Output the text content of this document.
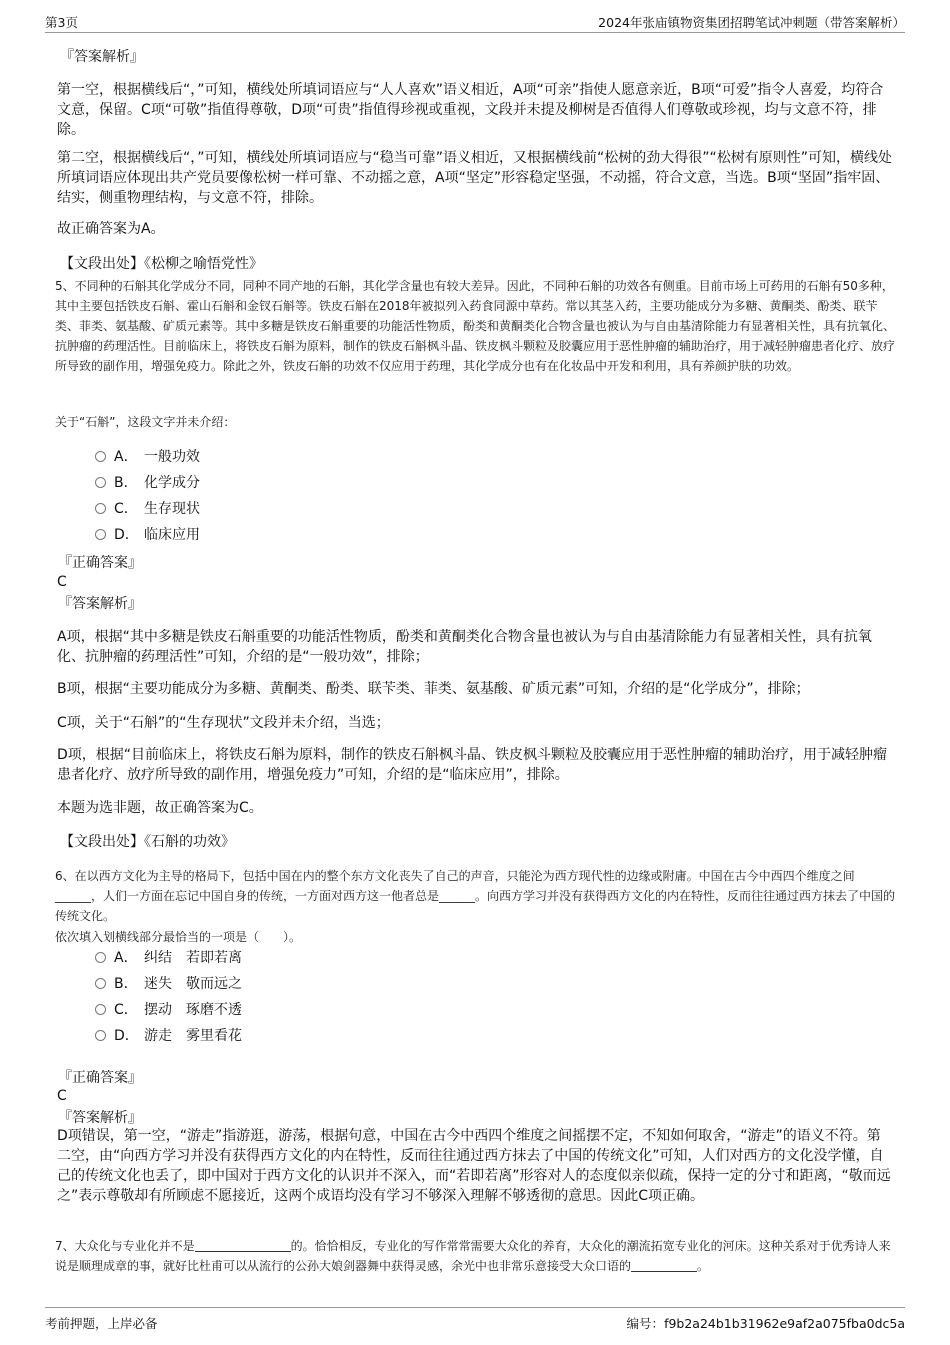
第3页	2024年张庙镇物资集团招聘笔试冲刺题（带答案解析）
『答案解析』
第一空，根据横线后“，”可知，横线处所填词语应与“人人喜欢”语义相近，A项“可亲”指使人愿意亲近，B项“可爱”指令人喜爱，均符合文意，保留。C项“可敬”指值得尊敬，D项“可贵”指值得珍视或重视，文段并未提及柳树是否值得人们尊敬或珍视，均与文意不符，排除。
第二空，根据横线后“，”可知，横线处所填词语应与“稳当可靠”语义相近，又根据横线前“松树的劲大得很”“松树有原则性”可知，横线处所填词语应体现出共产党员要像松树一样可靠、不动摇之意，A项“坚定”形容稳定坚强，不动摇，符合文意，当选。B项“坚固”指牢固、结实，侧重物理结构，与文意不符，排除。
故正确答案为A。
【文段出处】《松柳之喻悟党性》
5、不同种的石斛其化学成分不同，同种不同产地的石斛，其化学含量也有较大差异。因此，不同种石斛的功效各有侧重。目前市场上可药用的石斛有50多种，其中主要包括铁皮石斛、霍山石斛和金钗石斛等。铁皮石斛在2018年被拟列入药食同源中草药。常以其茎入药，主要功能成分为多糖、黄酮类、酚类、联苄类、菲类、氨基酸、矿质元素等。其中多糖是铁皮石斛重要的功能活性物质，酚类和黄酮类化合物含量也被认为与自由基清除能力有显著相关性，具有抗氧化、抗肿瘤的药理活性。目前临床上，将铁皮石斛为原料，制作的铁皮石斛枫斗晶、铁皮枫斗颗粒及胶囊应用于恶性肿瘤的辅助治疗，用于减轻肿瘤患者化疗、放疗所导致的副作用，增强免疫力。除此之外，铁皮石斛的功效不仅应用于药理，其化学成分也有在化妆品中开发和利用，具有养颜护肤的功效。
关于“石斛”，这段文字并未介绍：
A． 一般功效
B． 化学成分
C． 生存现状
D． 临床应用
『正确答案』
C
『答案解析』
A项，根据“其中多糖是铁皮石斛重要的功能活性物质，酚类和黄酮类化合物含量也被认为与自由基清除能力有显著相关性，具有抗氧化、抗肿瘤的药理活性”可知，介绍的是“一般功效”，排除；
B项，根据“主要功能成分为多糖、黄酮类、酚类、联苄类、菲类、氨基酸、矿质元素”可知，介绍的是“化学成分”，排除；
C项，关于“石斛”的“生存现状”文段并未介绍，当选；
D项，根据“目前临床上，将铁皮石斛为原料，制作的铁皮石斛枫斗晶、铁皮枫斗颗粒及胶囊应用于恶性肿瘤的辅助治疗，用于减轻肿瘤患者化疗、放疗所导致的副作用，增强免疫力”可知，介绍的是“临床应用”，排除。
本题为选非题，故正确答案为C。
【文段出处】《石斛的功效》
6、在以西方文化为主导的格局下，包括中国在内的整个东方文化丧失了自己的声音，只能沦为西方现代性的边缘或附庸。中国在古今中西四个维度之间______，人们一方面在忘记中国自身的传统，一方面对西方这一他者总是______。向西方学习并没有获得西方文化的内在特性，反而往往通过西方抹去了中国的传统文化。
依次填入划横线部分最恰当的一项是（　　）。
A． 纠结　若即若离
B． 迷失　敬而远之
C． 摆动　琢磨不透
D． 游走　雾里看花
『正确答案』
C
『答案解析』
D项错误，第一空，“游走”指游逛，游荡，根据句意，中国在古今中西四个维度之间摇摆不定，不知如何取舍，“游走”的语义不符。第二空，由“向西方学习并没有获得西方文化的内在特性，反而往往通过西方抹去了中国的传统文化”可知，人们对西方的文化没学懂，自己的传统文化也丢了，即中国对于西方文化的认识并不深入，而“若即若离”形容对人的态度似亲似疏，保持一定的分寸和距离，“敬而远之”表示尊敬却有所顾虑不愿接近，这两个成语均没有学习不够深入理解不够透彻的意思。因此C项正确。
7、大众化与专业化并不是	的。恰恰相反，专业化的写作常常需要大众化的养育，大众化的潮流拓宽专业化的河床。这种关系对于优秀诗人来说是顺理成章的事，就好比杜甫可以从流行的公孙大娘剑器舞中获得灵感，余光中也非常乐意接受大众口语的	。
考前押题，上岸必备	编号：f9b2a24b1b31962e9af2a075fba0dc5a
